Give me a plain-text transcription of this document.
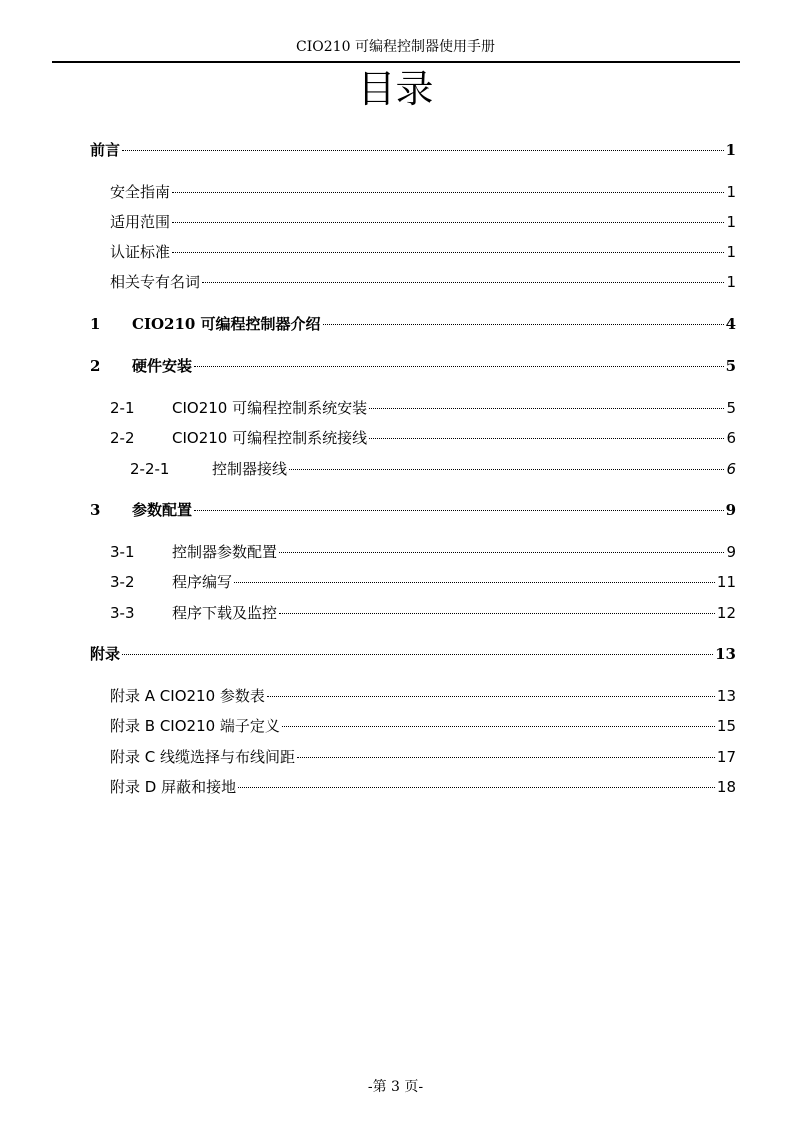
CIO210 可编程控制器使用手册
目录
前言	1
安全指南	1
适用范围	1
认证标准	1
相关专有名词	1
1	CIO210 可编程控制器介绍	4
2	硬件安装	5
2-1	CIO210 可编程控制系统安装	5
2-2	CIO210 可编程控制系统接线	6
2-2-1	控制器接线	6
3	参数配置	9
3-1	控制器参数配置	9
3-2	程序编写	11
3-3	程序下载及监控	12
附录	13
附录 A CIO210 参数表	13
附录 B CIO210 端子定义	15
附录 C 线缆选择与布线间距	17
附录 D 屏蔽和接地	18
-第 3 页-
